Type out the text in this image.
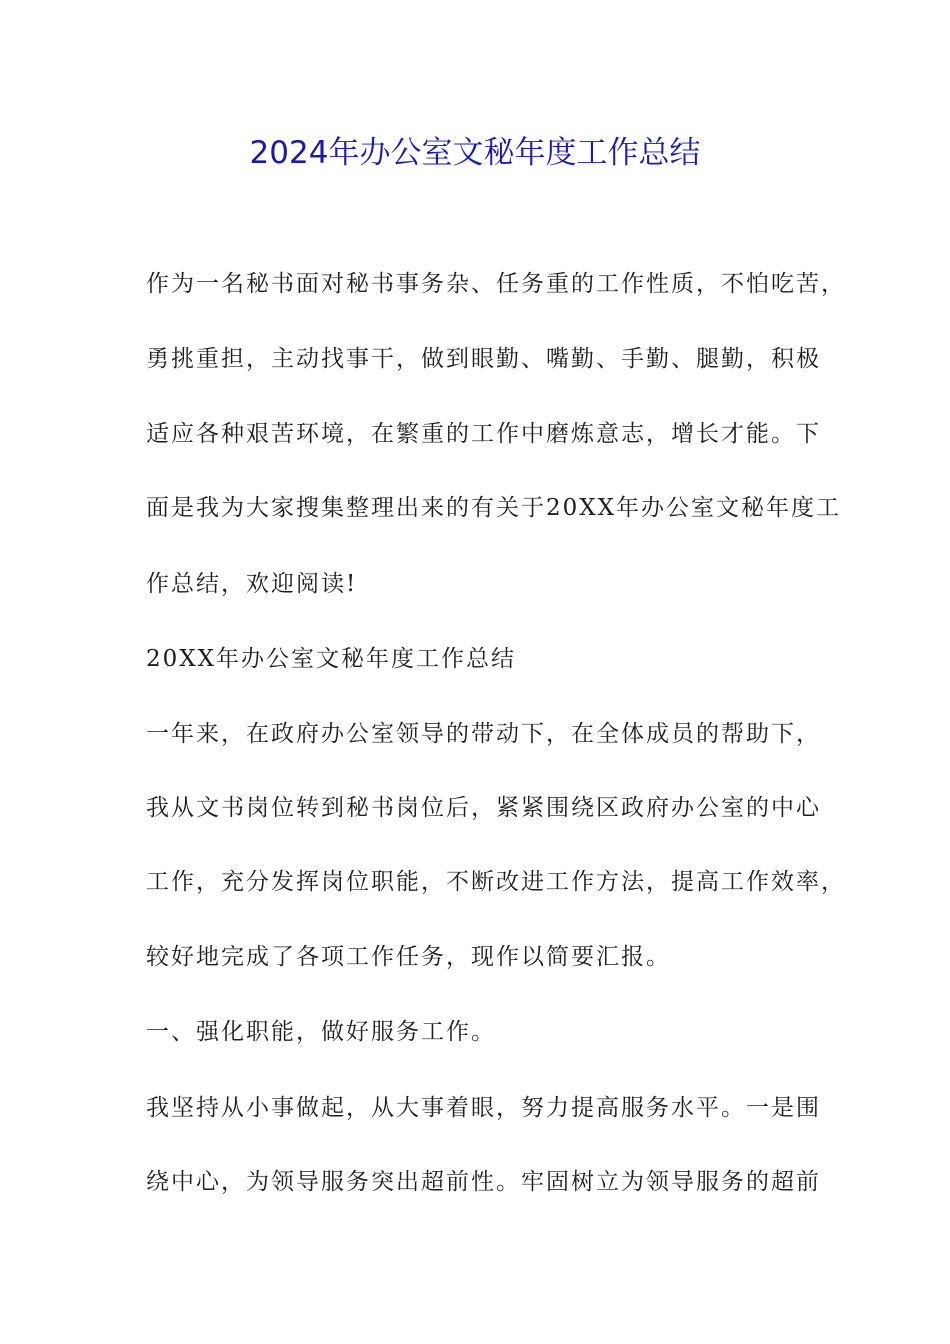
2024年办公室文秘年度工作总结
作为一名秘书面对秘书事务杂、任务重的工作性质，不怕吃苦，
勇挑重担，主动找事干，做到眼勤、嘴勤、手勤、腿勤，积极
适应各种艰苦环境，在繁重的工作中磨炼意志，增长才能。下
面是我为大家搜集整理出来的有关于20XX年办公室文秘年度工
作总结，欢迎阅读!
20XX年办公室文秘年度工作总结
一年来，在政府办公室领导的带动下，在全体成员的帮助下，
我从文书岗位转到秘书岗位后，紧紧围绕区政府办公室的中心
工作，充分发挥岗位职能，不断改进工作方法，提高工作效率，
较好地完成了各项工作任务，现作以简要汇报。
一、强化职能，做好服务工作。
我坚持从小事做起，从大事着眼，努力提高服务水平。一是围
绕中心，为领导服务突出超前性。牢固树立为领导服务的超前
